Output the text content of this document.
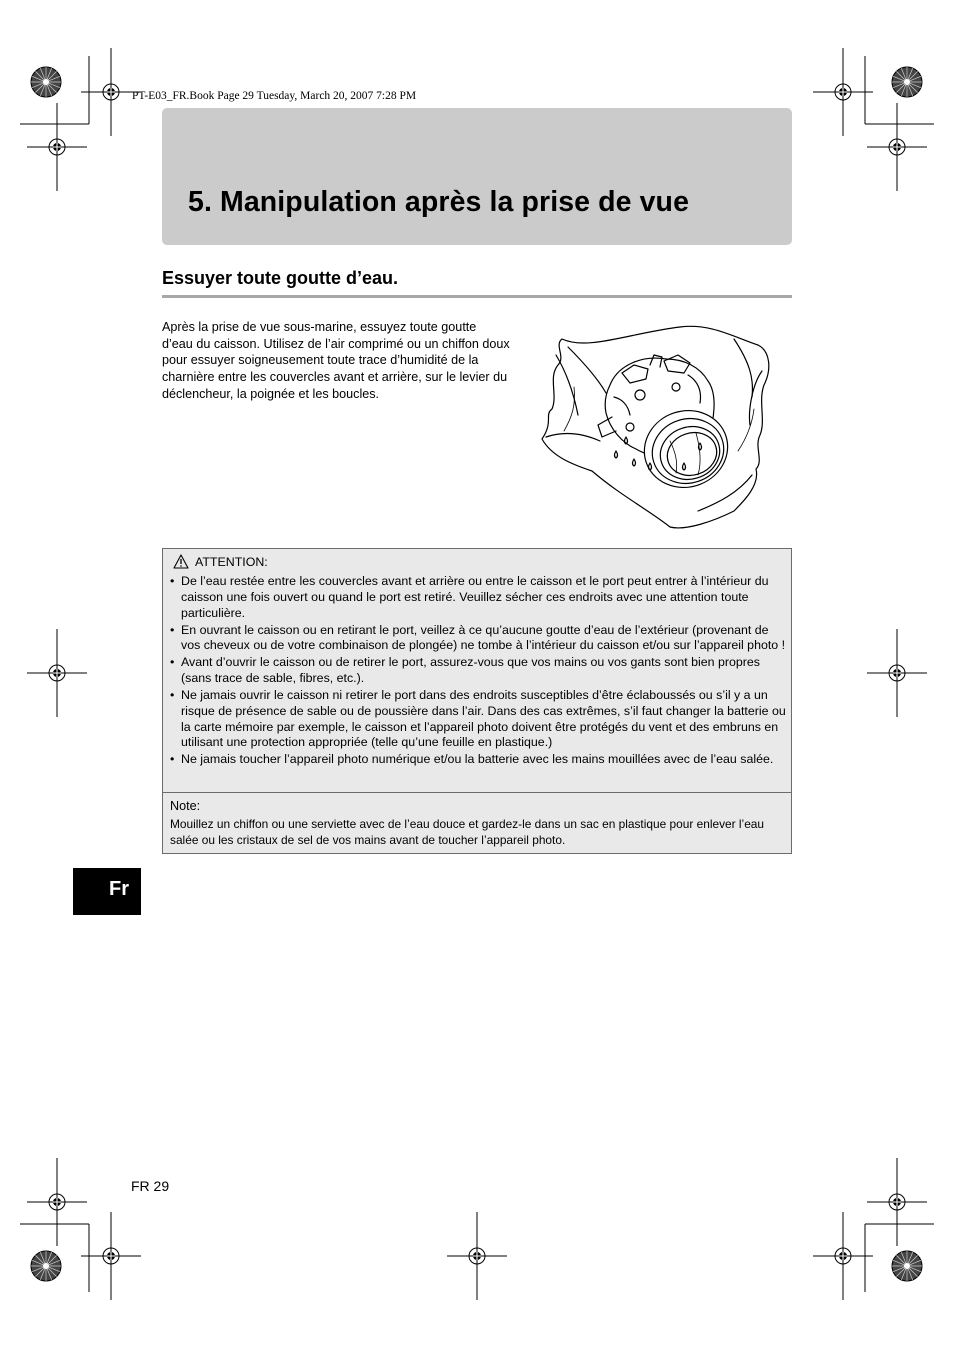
PT-E03_FR.Book Page 29 Tuesday, March 20, 2007 7:28 PM
5. Manipulation après la prise de vue
Essuyer toute goutte d’eau.

Après la prise de vue sous-marine, essuyez toute goutte d’eau du caisson. Utilisez de l’air comprimé ou un chiffon doux pour essuyer soigneusement toute trace d’humidité de la charnière entre les couvercles avant et arrière, sur le levier du déclencheur, la poignée et les boucles.

ATTENTION:
• De l’eau restée entre les couvercles avant et arrière ou entre le caisson et le port peut entrer à l’intérieur du caisson une fois ouvert ou quand le port est retiré. Veuillez sécher ces endroits avec une attention toute particulière.
• En ouvrant le caisson ou en retirant le port, veillez à ce qu’aucune goutte d’eau de l’extérieur (provenant de vos cheveux ou de votre combinaison de plongée) ne tombe à l’intérieur du caisson et/ou sur l’appareil photo !
• Avant d’ouvrir le caisson ou de retirer le port, assurez-vous que vos mains ou vos gants sont bien propres (sans trace de sable, fibres, etc.).
• Ne jamais ouvrir le caisson ni retirer le port dans des endroits susceptibles d’être éclaboussés ou s’il y a un risque de présence de sable ou de poussière dans l’air. Dans des cas extrêmes, s’il faut changer la batterie ou la carte mémoire par exemple, le caisson et l’appareil photo doivent être protégés du vent et des embruns en utilisant une protection appropriée (telle qu’une feuille en plastique.)
• Ne jamais toucher l’appareil photo numérique et/ou la batterie avec les mains mouillées avec de l’eau salée.
Note:

Mouillez un chiffon ou une serviette avec de l’eau douce et gardez-le dans un sac en plastique pour enlever l’eau salée ou les cristaux de sel de vos mains avant de toucher l’appareil photo.

Fr
FR 29
